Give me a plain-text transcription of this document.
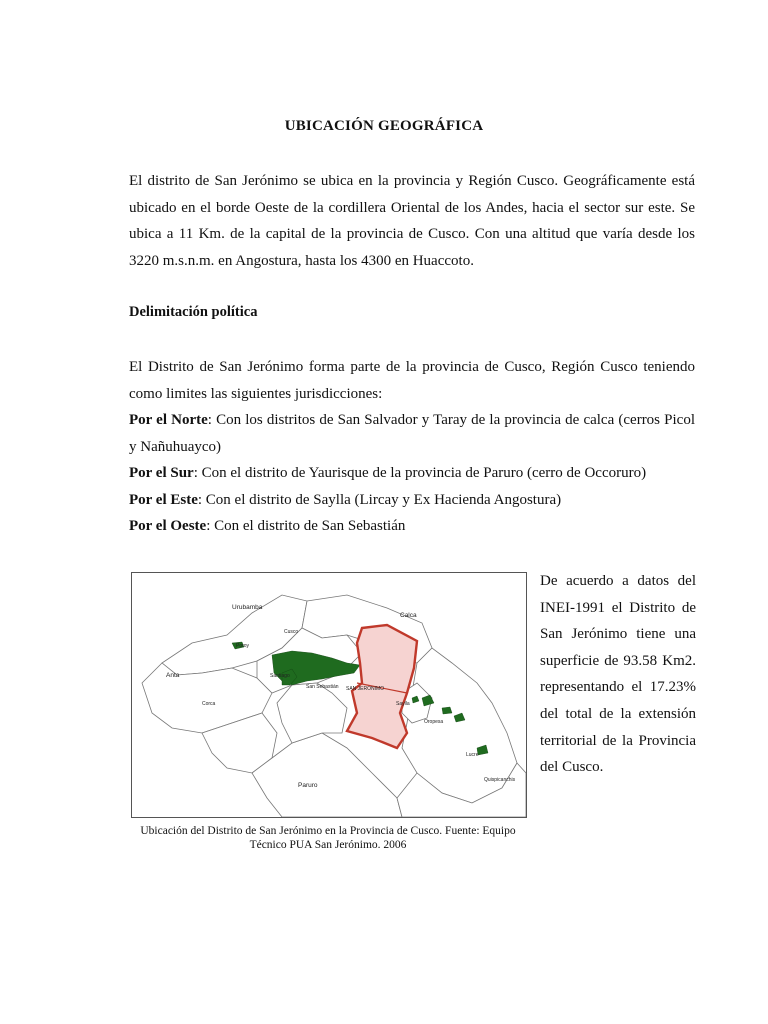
UBICACIÓN GEOGRÁFICA
El distrito de San Jerónimo se ubica en la provincia y Región Cusco. Geográficamente está ubicado en el borde Oeste de la cordillera Oriental de los Andes, hacia el sector sur este. Se ubica a 11 Km. de la capital de la provincia de Cusco. Con una altitud que varía desde los 3220 m.s.n.m. en Angostura, hasta los 4300 en Huaccoto.
Delimitación política
El Distrito de San Jerónimo forma parte de la provincia de Cusco, Región Cusco teniendo como limites las siguientes jurisdicciones:
Por el Norte: Con los distritos de San Salvador y Taray de la provincia de calca (cerros Picol y Nañuhuayco)
Por el Sur: Con el distrito de Yaurisque de la provincia de Paruro (cerro de Occoruro)
Por el Este: Con el distrito de Saylla (Lircay y Ex Hacienda Angostura)
Por el Oeste: Con el distrito de San Sebastián
Urubamba
Calca
Cusco
Poroy
Anta	Santiago
San Sebastián SAN JERONIMO
Saylla
Oropesa
Lucre
Corca
Paruro
Quispicanchis
Ubicación del Distrito de San Jerónimo en la Provincia de Cusco. Fuente: Equipo Técnico PUA San Jerónimo. 2006
De acuerdo a datos del INEI-1991 el Distrito de San Jerónimo tiene una superficie de 93.58 Km2. representando el 17.23% del total de la extensión territorial de la Provincia del Cusco.
